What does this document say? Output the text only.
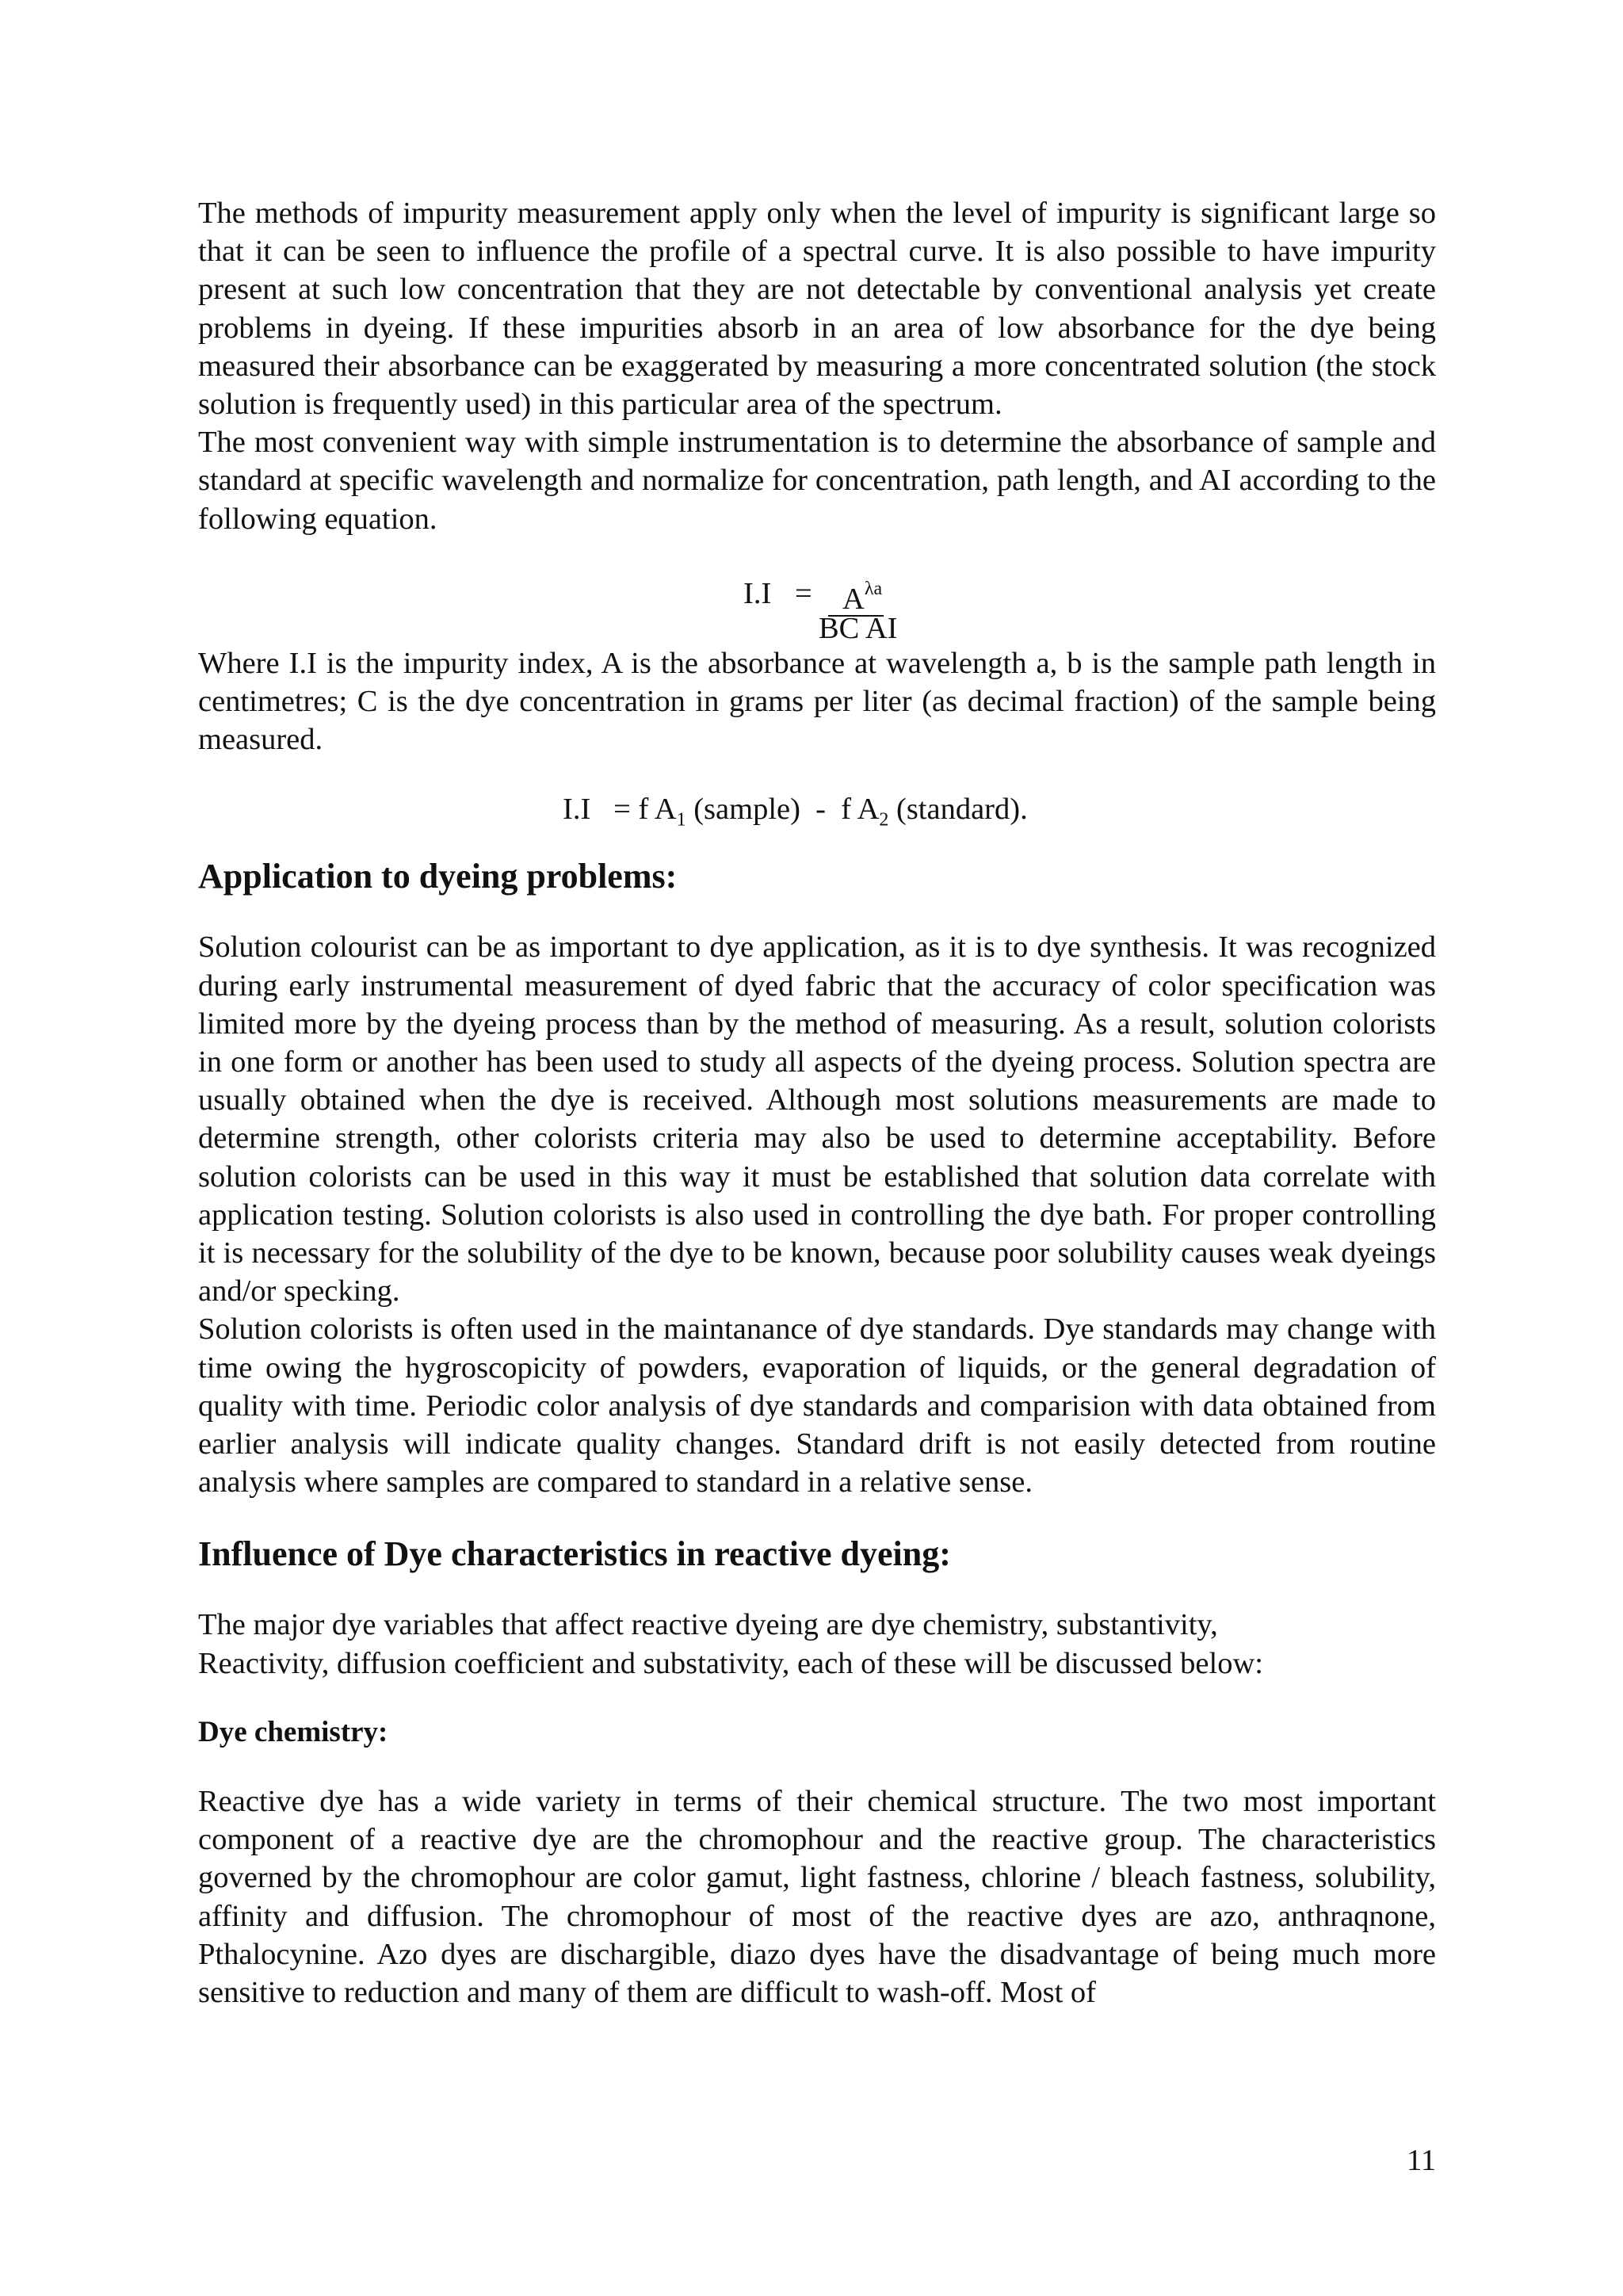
The methods of impurity measurement apply only when the level of impurity is significant large so that it can be seen to influence the profile of a spectral curve. It is also possible to have impurity present at such low concentration that they are not detectable by conventional analysis yet create problems in dyeing. If these impurities absorb in an area of low absorbance for the dye being measured their absorbance can be exaggerated by measuring a more concentrated solution (the stock solution is frequently used) in this particular area of the spectrum.

The most convenient way with simple instrumentation is to determine the absorbance of sample and standard at specific wavelength and normalize for concentration, path length, and AI according to the following equation.

$I.I = A^{\lambda a}$
BC AI

Where I.I is the impurity index, A is the absorbance at wavelength a, b is the sample path length in centimetres; C is the dye concentration in grams per liter (as decimal fraction) of the sample being measured.

I.I   = f $A_1$ (sample)  -  f $A_2$ (standard).
Application to dyeing problems:

Solution colourist can be as important to dye application, as it is to dye synthesis. It was recognized during early instrumental measurement of dyed fabric that the accuracy of color specification was limited more by the dyeing process than by the method of measuring. As a result, solution colorists in one form or another has been used to study all aspects of the dyeing process. Solution spectra are usually obtained when the dye is received. Although most solutions measurements are made to determine strength, other colorists criteria may also be used to determine acceptability. Before solution colorists can be used in this way it must be established that solution data correlate with application testing. Solution colorists is also used in controlling the dye bath. For proper controlling it is necessary for the solubility of the dye to be known, because poor solubility causes weak dyeings and/or specking.

Solution colorists is often used in the maintanance of dye standards. Dye standards may change with time owing the hygroscopicity of powders, evaporation of liquids, or the general degradation of quality with time. Periodic color analysis of dye standards and comparision with data obtained from earlier analysis will indicate quality changes. Standard drift is not easily detected from routine analysis where samples are compared to standard in a relative sense.

Influence of Dye characteristics in reactive dyeing:

The major dye variables that affect reactive dyeing are dye chemistry, substantivity,
Reactivity, diffusion coefficient and substativity, each of these will be discussed below:

Dye chemistry:

Reactive dye has a wide variety in terms of their chemical structure. The two most important component of a reactive dye are the chromophour and the reactive group. The characteristics governed by the chromophour are color gamut, light fastness, chlorine / bleach fastness, solubility, affinity and diffusion. The chromophour of most of the reactive dyes are azo, anthraqnone, Pthalocynine. Azo dyes are dischargible, diazo dyes have the disadvantage of being much more sensitive to reduction and many of them are difficult to wash-off. Most of

11
